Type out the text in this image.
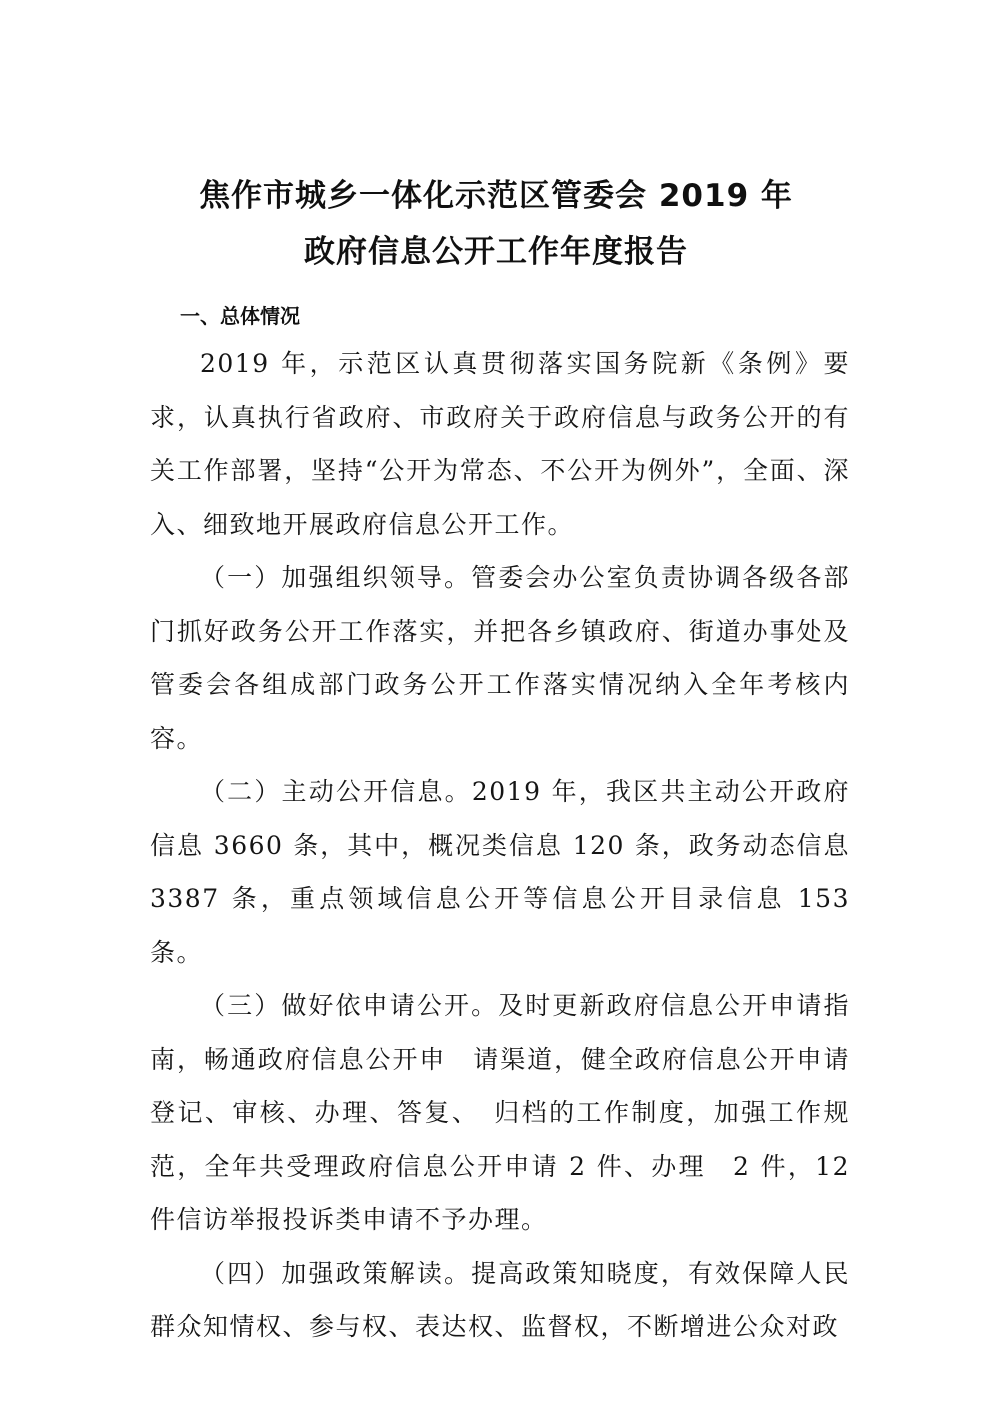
焦作市城乡一体化示范区管委会 2019 年
政府信息公开工作年度报告
一、总体情况

2019 年，示范区认真贯彻落实国务院新《条例》要求，认真执行省政府、市政府关于政府信息与政务公开的有关工作部署，坚持“公开为常态、不公开为例外”，全面、深入、细致地开展政府信息公开工作。

（一）加强组织领导。管委会办公室负责协调各级各部门抓好政务公开工作落实，并把各乡镇政府、街道办事处及管委会各组成部门政务公开工作落实情况纳入全年考核内容。

（二）主动公开信息。2019 年，我区共主动公开政府信息 3660 条，其中，概况类信息 120 条，政务动态信息 3387 条，重点领域信息公开等信息公开目录信息 153 条。

（三）做好依申请公开。及时更新政府信息公开申请指南，畅通政府信息公开申　请渠道，健全政府信息公开申请登记、审核、办理、答复、　归档的工作制度，加强工作规范，全年共受理政府信息公开申请 2 件、办理　2 件，12 件信访举报投诉类申请不予办理。

（四）加强政策解读。提高政策知晓度，有效保障人民群众知情权、参与权、表达权、监督权，不断增进公众对政
